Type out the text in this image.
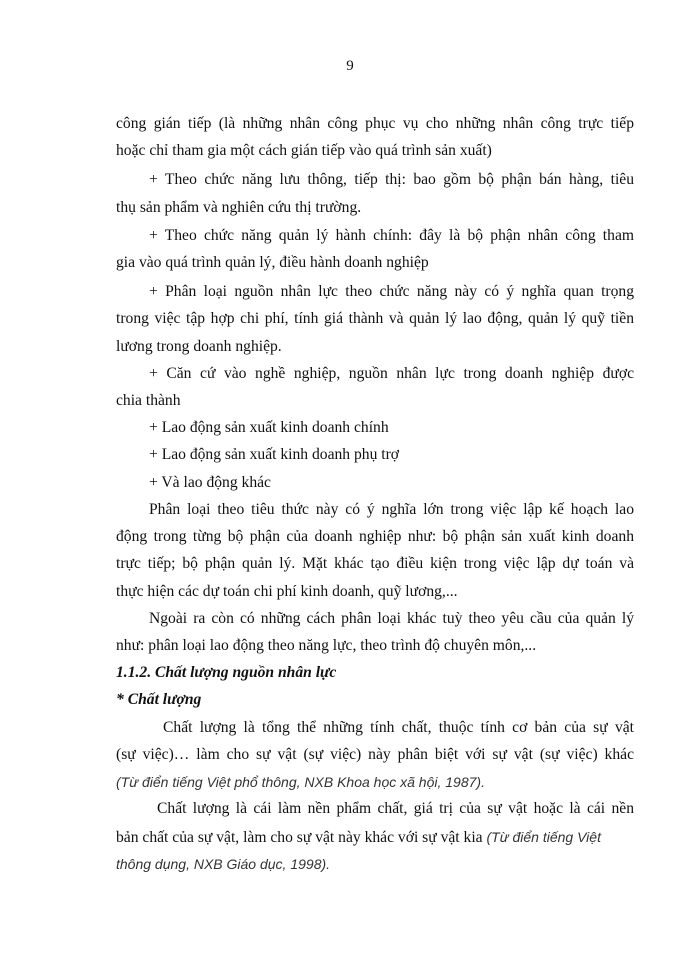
9
công gián tiếp (là những nhân công phục vụ cho những nhân công trực tiếp
hoặc chỉ tham gia một cách gián tiếp vào quá trình sản xuất)
+ Theo chức năng lưu thông, tiếp thị: bao gồm bộ phận bán hàng, tiêu
thụ sản phẩm và nghiên cứu thị trường.
+ Theo chức năng quản lý hành chính: đây là bộ phận nhân công tham
gia vào quá trình quản lý, điều hành doanh nghiệp
+ Phân loại nguồn nhân lực theo chức năng này có ý nghĩa quan trọng
trong việc tập hợp chi phí, tính giá thành và quản lý lao động, quản lý quỹ tiền
lương trong doanh nghiệp.
+ Căn cứ vào nghề nghiệp, nguồn nhân lực trong doanh nghiệp được
chia thành
+ Lao động sản xuất kinh doanh chính
+ Lao động sản xuất kinh doanh phụ trợ
+ Và lao động khác
Phân loại theo tiêu thức này có ý nghĩa lớn trong việc lập kế hoạch lao
động trong từng bộ phận của doanh nghiệp như: bộ phận sản xuất kinh doanh
trực tiếp; bộ phận quản lý. Mặt khác tạo điều kiện trong việc lập dự toán và
thực hiện các dự toán chi phí kinh doanh, quỹ lương,...
Ngoài ra còn có những cách phân loại khác tuỳ theo yêu cầu của quản lý
như: phân loại lao động theo năng lực, theo trình độ chuyên môn,...
1.1.2. Chất lượng nguồn nhân lực
* Chất lượng
Chất lượng là tổng thể những tính chất, thuộc tính cơ bản của sự vật
(sự việc)… làm cho sự vật (sự việc) này phân biệt với sự vật (sự việc) khác
(Từ điển tiếng Việt phổ thông, NXB Khoa học xã hội, 1987).
Chất lượng là cái làm nền phẩm chất, giá trị của sự vật hoặc là cái nền
bản chất của sự vật, làm cho sự vật này khác với sự vật kia (Từ điển tiếng Việt
thông dụng, NXB Giáo dục, 1998).
